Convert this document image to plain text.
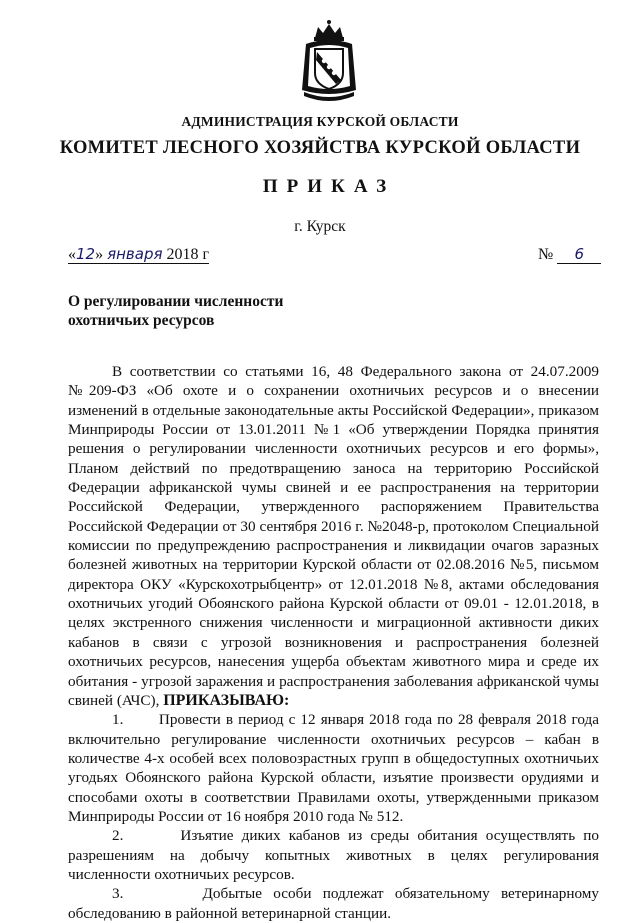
АДМИНИСТРАЦИЯ КУРСКОЙ ОБЛАСТИ
КОМИТЕТ ЛЕСНОГО ХОЗЯЙСТВА КУРСКОЙ ОБЛАСТИ
ПРИКАЗ
г. Курск
«12» января 2018 г	№ 6
О регулировании численности
охотничьих ресурсов

В соответствии со статьями 16, 48 Федерального закона от 24.07.2009 №209-ФЗ «Об охоте и о сохранении охотничьих ресурсов и о внесении изменений в отдельные законодательные акты Российской Федерации», приказом Минприроды России от 13.01.2011 №1 «Об утверждении Порядка принятия решения о регулировании численности охотничьих ресурсов и его формы», Планом действий по предотвращению заноса на территорию Российской Федерации африканской чумы свиней и ее распространения на территории Российской Федерации, утвержденного распоряжением Правительства Российской Федерации от 30 сентября 2016 г. №2048-р, протоколом Специальной комиссии по предупреждению распространения и ликвидации очагов заразных болезней животных на территории Курской области от 02.08.2016 №5, письмом директора ОКУ «Курскохотрыбцентр» от 12.01.2018 №8, актами обследования охотничьих угодий Обоянского района Курской области от 09.01 - 12.01.2018, в целях экстренного снижения численности и миграционной активности диких кабанов в связи с угрозой возникновения и распространения болезней охотничьих ресурсов, нанесения ущерба объектам животного мира и среде их обитания - угрозой заражения и распространения заболевания африканской чумы свиней (АЧС), ПРИКАЗЫВАЮ:

1.       Провести в период с 12 января 2018 года по 28 февраля 2018 года включительно регулирование численности охотничьих ресурсов – кабан в количестве 4-х особей всех половозрастных групп в общедоступных охотничьих угодьях Обоянского района Курской области, изъятие произвести орудиями и способами охоты в соответствии Правилами охоты, утвержденными приказом Минприроды России от 16 ноября 2010 года № 512.

2.       Изъятие диких кабанов из среды обитания осуществлять по разрешениям на добычу копытных животных в целях регулирования численности охотничьих ресурсов.

3.       Добытые особи подлежат обязательному ветеринарному обследованию в районной ветеринарной станции.
